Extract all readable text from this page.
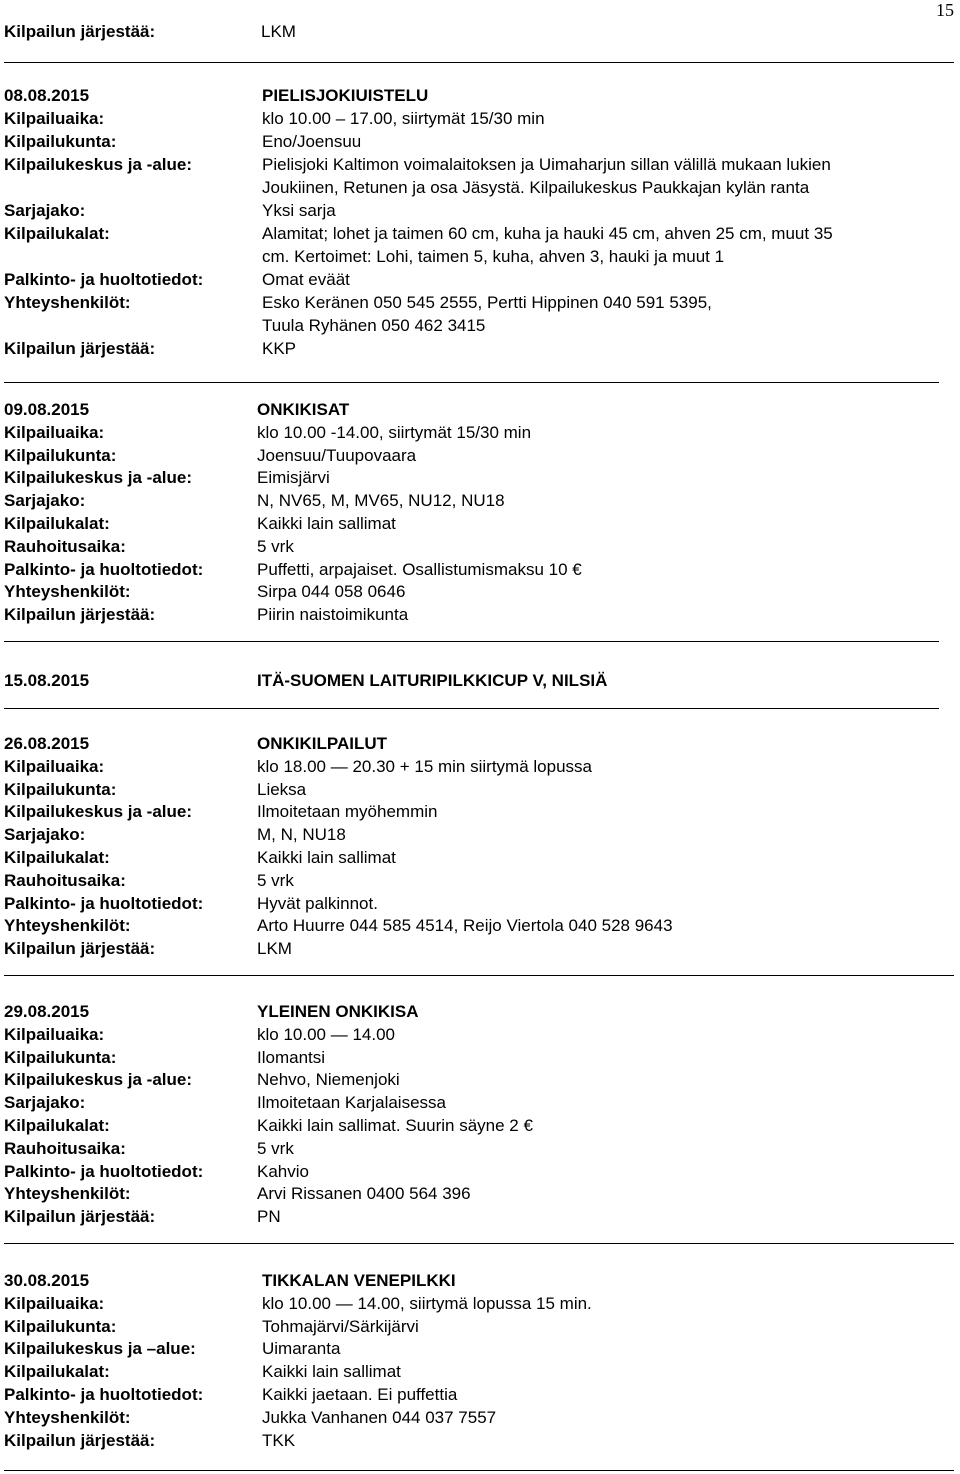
15
Kilpailun järjestää:	LKM
08.08.2015	PIELISJOKIUISTELU
Kilpailuaika:	klo 10.00 – 17.00, siirtymät 15/30 min
Kilpailukunta:	Eno/Joensuu
Kilpailukeskus ja -alue:	Pielisjoki Kaltimon voimalaitoksen ja Uimaharjun sillan välillä mukaan lukien
Joukiinen, Retunen ja osa Jäsystä. Kilpailukeskus Paukkajan kylän ranta
Sarjajako:	Yksi sarja
Kilpailukalat:	Alamitat; lohet ja taimen 60 cm, kuha ja hauki 45 cm, ahven 25 cm, muut 35
cm. Kertoimet: Lohi, taimen 5, kuha, ahven 3, hauki ja muut 1
Palkinto- ja huoltotiedot:	Omat eväät
Yhteyshenkilöt:	Esko Keränen 050 545 2555, Pertti Hippinen 040 591 5395,
Tuula Ryhänen 050 462 3415
Kilpailun järjestää:	KKP
09.08.2015	ONKIKISAT
Kilpailuaika:	klo 10.00 -14.00, siirtymät 15/30 min
Kilpailukunta:	Joensuu/Tuupovaara
Kilpailukeskus ja -alue:	Eimisjärvi
Sarjajako:	N, NV65, M, MV65, NU12, NU18
Kilpailukalat:	Kaikki lain sallimat
Rauhoitusaika:	5 vrk
Palkinto- ja huoltotiedot:	Puffetti, arpajaiset. Osallistumismaksu 10 €
Yhteyshenkilöt:	Sirpa 044 058 0646
Kilpailun järjestää:	Piirin naistoimikunta
15.08.2015	ITÄ-SUOMEN LAITURIPILKKICUP V, NILSIÄ
26.08.2015	ONKIKILPAILUT
Kilpailuaika:	klo 18.00 — 20.30 + 15 min siirtymä lopussa
Kilpailukunta:	Lieksa
Kilpailukeskus ja -alue:	Ilmoitetaan myöhemmin
Sarjajako:	M, N, NU18
Kilpailukalat:	Kaikki lain sallimat
Rauhoitusaika:	5 vrk
Palkinto- ja huoltotiedot:	Hyvät palkinnot.
Yhteyshenkilöt:	Arto Huurre 044 585 4514, Reijo Viertola 040 528 9643
Kilpailun järjestää:	LKM
29.08.2015	YLEINEN ONKIKISA
Kilpailuaika:	klo 10.00 — 14.00
Kilpailukunta:	Ilomantsi
Kilpailukeskus ja -alue:	Nehvo, Niemenjoki
Sarjajako:	Ilmoitetaan Karjalaisessa
Kilpailukalat:	Kaikki lain sallimat. Suurin säyne 2 €
Rauhoitusaika:	5 vrk
Palkinto- ja huoltotiedot:	Kahvio
Yhteyshenkilöt:	Arvi Rissanen 0400 564 396
Kilpailun järjestää:	PN
30.08.2015	TIKKALAN VENEPILKKI
Kilpailuaika:	klo 10.00 — 14.00, siirtymä lopussa 15 min.
Kilpailukunta:	Tohmajärvi/Särkijärvi
Kilpailukeskus ja –alue:	Uimaranta
Kilpailukalat:	Kaikki lain sallimat
Palkinto- ja huoltotiedot:	Kaikki jaetaan. Ei puffettia
Yhteyshenkilöt:	Jukka Vanhanen 044 037 7557
Kilpailun järjestää:	TKK
